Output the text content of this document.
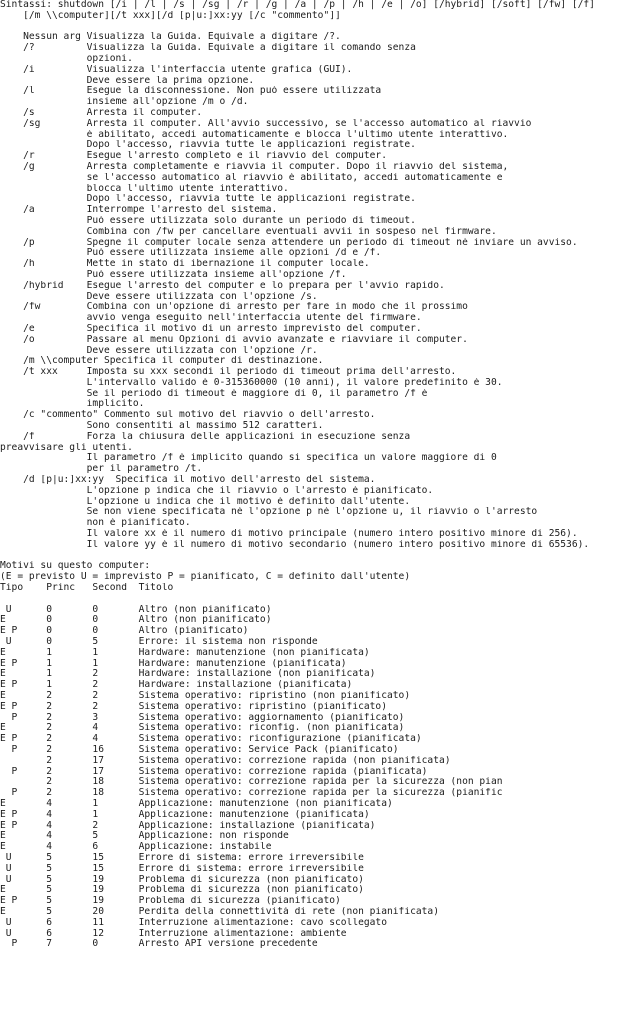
Sintassi: shutdown [/i | /l | /s | /sg | /r | /g | /a | /p | /h | /e | /o] [/hybrid] [/soft] [/fw] [/f]
[/m \\computer][/t xxx][/d [p|u:]xx:yy [/c "commento"]]
Nessun arg Visualizza la Guida. Equivale a digitare /?.
/?         Visualizza la Guida. Equivale a digitare il comando senza
opzioni.
/i         Visualizza l'interfaccia utente grafica (GUI).
Deve essere la prima opzione.
/l         Esegue la disconnessione. Non può essere utilizzata
insieme all'opzione /m o /d.
/s         Arresta il computer.
/sg        Arresta il computer. All'avvio successivo, se l'accesso automatico al riavvio
è abilitato, accedi automaticamente e blocca l'ultimo utente interattivo.
Dopo l'accesso, riavvia tutte le applicazioni registrate.
/r         Esegue l'arresto completo e il riavvio del computer.
/g         Arresta completamente e riavvia il computer. Dopo il riavvio del sistema,
se l'accesso automatico al riavvio è abilitato, accedi automaticamente e
blocca l'ultimo utente interattivo.
Dopo l'accesso, riavvia tutte le applicazioni registrate.
/a         Interrompe l'arresto del sistema.
Può essere utilizzata solo durante un periodo di timeout.
Combina con /fw per cancellare eventuali avvii in sospeso nel firmware.
/p         Spegne il computer locale senza attendere un periodo di timeout né inviare un avviso.
Può essere utilizzata insieme alle opzioni /d e /f.
/h         Mette in stato di ibernazione il computer locale.
Può essere utilizzata insieme all'opzione /f.
/hybrid    Esegue l'arresto del computer e lo prepara per l'avvio rapido.
Deve essere utilizzata con l'opzione /s.
/fw        Combina con un'opzione di arresto per fare in modo che il prossimo
avvio venga eseguito nell'interfaccia utente del firmware.
/e         Specifica il motivo di un arresto imprevisto del computer.
/o         Passare al menu Opzioni di avvio avanzate e riavviare il computer.
Deve essere utilizzata con l'opzione /r.
/m \\computer Specifica il computer di destinazione.
/t xxx     Imposta su xxx secondi il periodo di timeout prima dell'arresto.
L'intervallo valido è 0-315360000 (10 anni), il valore predefinito è 30.
Se il periodo di timeout è maggiore di 0, il parametro /f è
implicito.
/c "commento" Commento sul motivo del riavvio o dell'arresto.
Sono consentiti al massimo 512 caratteri.
/f         Forza la chiusura delle applicazioni in esecuzione senza
preavvisare gli utenti.
Il parametro /f è implicito quando si specifica un valore maggiore di 0
per il parametro /t.
/d [p|u:]xx:yy  Specifica il motivo dell'arresto del sistema.
L'opzione p indica che il riavvio o l'arresto è pianificato.
L'opzione u indica che il motivo è definito dall'utente.
Se non viene specificata né l'opzione p né l'opzione u, il riavvio o l'arresto
non è pianificato.
Il valore xx è il numero di motivo principale (numero intero positivo minore di 256).
Il valore yy è il numero di motivo secondario (numero intero positivo minore di 65536).
Motivi su questo computer:
(E = previsto U = imprevisto P = pianificato, C = definito dall'utente)
Tipo    Princ   Second  Titolo
U      0       0       Altro (non pianificato)
E       0       0       Altro (non pianificato)
E P     0       0       Altro (pianificato)
U      0       5       Errore: il sistema non risponde
E       1       1       Hardware: manutenzione (non pianificata)
E P     1       1       Hardware: manutenzione (pianificata)
E       1       2       Hardware: installazione (non pianificata)
E P     1       2       Hardware: installazione (pianificata)
E       2       2       Sistema operativo: ripristino (non pianificato)
E P     2       2       Sistema operativo: ripristino (pianificato)
P     2       3       Sistema operativo: aggiornamento (pianificato)
E       2       4       Sistema operativo: riconfig. (non pianificata)
E P     2       4       Sistema operativo: riconfigurazione (pianificata)
P     2       16      Sistema operativo: Service Pack (pianificato)
2       17      Sistema operativo: correzione rapida (non pianificata)
P     2       17      Sistema operativo: correzione rapida (pianificata)
2       18      Sistema operativo: correzione rapida per la sicurezza (non pian
P     2       18      Sistema operativo: correzione rapida per la sicurezza (pianific
E       4       1       Applicazione: manutenzione (non pianificata)
E P     4       1       Applicazione: manutenzione (pianificata)
E P     4       2       Applicazione: installazione (pianificata)
E       4       5       Applicazione: non risponde
E       4       6       Applicazione: instabile
U      5       15      Errore di sistema: errore irreversibile
U      5       15      Errore di sistema: errore irreversibile
U      5       19      Problema di sicurezza (non pianificato)
E       5       19      Problema di sicurezza (non pianificato)
E P     5       19      Problema di sicurezza (pianificato)
E       5       20      Perdita della connettività di rete (non pianificata)
U      6       11      Interruzione alimentazione: cavo scollegato
U      6       12      Interruzione alimentazione: ambiente
P     7       0       Arresto API versione precedente
